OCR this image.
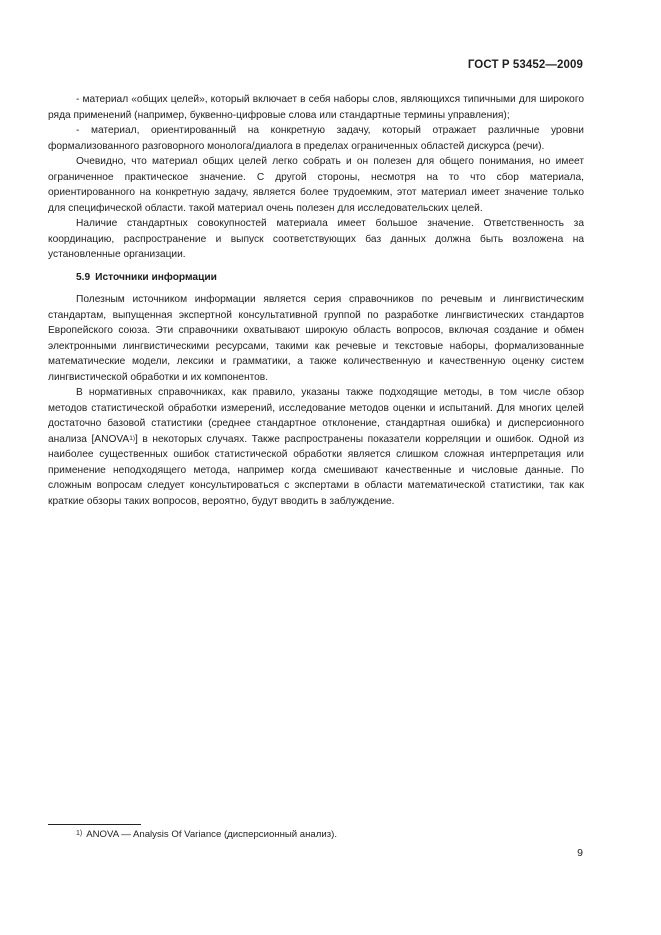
ГОСТ Р 53452—2009

- материал «общих целей», который включает в себя наборы слов, являющихся типичными для широкого ряда применений (например, буквенно-цифровые слова или стандартные термины управления);

- материал, ориентированный на конкретную задачу, который отражает различные уровни формализованного разговорного монолога/диалога в пределах ограниченных областей дискурса (речи).

Очевидно, что материал общих целей легко собрать и он полезен для общего понимания, но имеет ограниченное практическое значение. С другой стороны, несмотря на то что сбор материала, ориентированного на конкретную задачу, является более трудоемким, этот материал имеет значение только для специфической области. такой материал очень полезен для исследовательских целей.

Наличие стандартных совокупностей материала имеет большое значение. Ответственность за координацию, распространение и выпуск соответствующих баз данных должна быть возложена на установленные организации.

5.9 Источники информации

Полезным источником информации является серия справочников по речевым и лингвистическим стандартам, выпущенная экспертной консультативной группой по разработке лингвистических стандартов Европейского союза. Эти справочники охватывают широкую область вопросов, включая создание и обмен электронными лингвистическими ресурсами, такими как речевые и текстовые наборы, формализованные математические модели, лексики и грамматики, а также количественную и качественную оценку систем лингвистической обработки и их компонентов.

В нормативных справочниках, как правило, указаны также подходящие методы, в том числе обзор методов статистической обработки измерений, исследование методов оценки и испытаний. Для многих целей достаточно базовой статистики (среднее стандартное отклонение, стандартная ошибка) и дисперсионного анализа [ANOVA$^{1)}$] в некоторых случаях. Также распространены показатели корреляции и ошибок. Одной из наиболее существенных ошибок статистической обработки является слишком сложная интерпретация или применение неподходящего метода, например когда смешивают качественные и числовые данные. По сложным вопросам следует консультироваться с экспертами в области математической статистики, так как краткие обзоры таких вопросов, вероятно, будут вводить в заблуждение.

$^{1)}$ ANOVA — Analysis Of Variance (дисперсионный анализ).
9
